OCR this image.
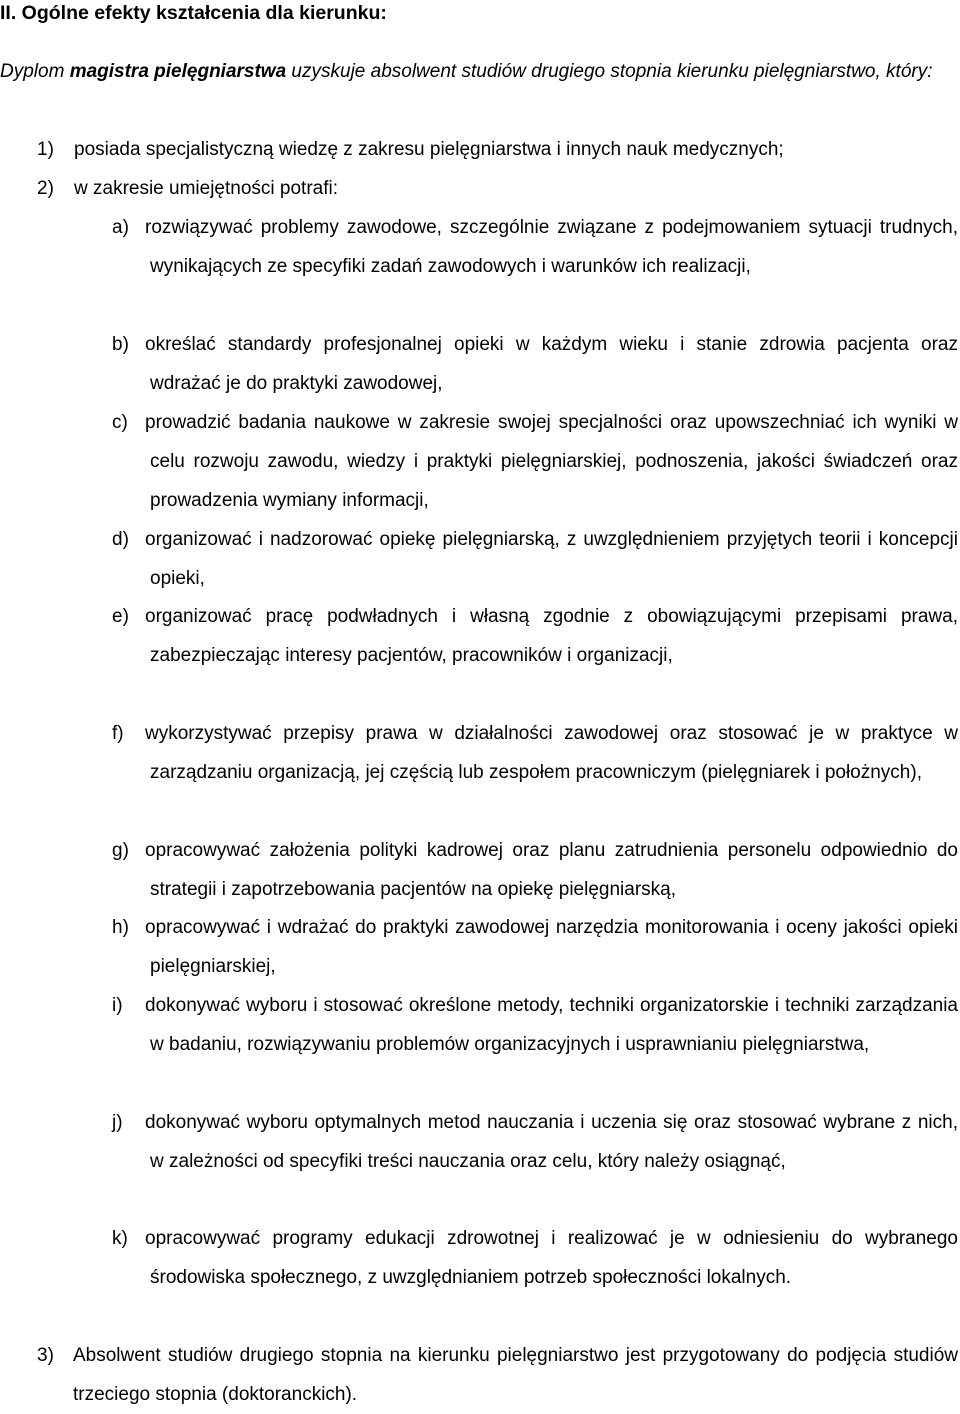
II. Ogólne efekty kształcenia dla kierunku:

Dyplom magistra pielęgniarstwa uzyskuje absolwent studiów drugiego stopnia kierunku pielęgniarstwo, który:

1)	posiada specjalistyczną wiedzę z zakresu pielęgniarstwa i innych nauk medycznych;

2)	w zakresie umiejętności potrafi:

a) rozwiązywać problemy zawodowe, szczególnie związane z podejmowaniem sytuacji trudnych, wynikających ze specyfiki zadań zawodowych i warunków ich realizacji,
b) określać standardy profesjonalnej opieki w każdym wieku i stanie zdrowia pacjenta oraz wdrażać je do praktyki zawodowej,
c) prowadzić badania naukowe w zakresie swojej specjalności oraz upowszechniać ich wyniki w celu rozwoju zawodu, wiedzy i praktyki pielęgniarskiej, podnoszenia, jakości świadczeń oraz prowadzenia wymiany informacji,
d) organizować i nadzorować opiekę pielęgniarską, z uwzględnieniem przyjętych teorii i koncepcji opieki,
e) organizować pracę podwładnych i własną zgodnie z obowiązującymi przepisami prawa, zabezpieczając interesy pacjentów, pracowników i organizacji,
f) wykorzystywać przepisy prawa w działalności zawodowej oraz stosować je w praktyce w zarządzaniu organizacją, jej częścią lub zespołem pracowniczym (pielęgniarek i położnych),
g) opracowywać założenia polityki kadrowej oraz planu zatrudnienia personelu odpowiednio do strategii i zapotrzebowania pacjentów na opiekę pielęgniarską,
h) opracowywać i wdrażać do praktyki zawodowej narzędzia monitorowania i oceny jakości opieki pielęgniarskiej,
i) dokonywać wyboru i stosować określone metody, techniki organizatorskie i techniki zarządzania w badaniu, rozwiązywaniu problemów organizacyjnych i usprawnianiu pielęgniarstwa,
j) dokonywać wyboru optymalnych metod nauczania i uczenia się oraz stosować wybrane z nich, w zależności od specyfiki treści nauczania oraz celu, który należy osiągnąć,
k) opracowywać programy edukacji zdrowotnej i realizować je w odniesieniu do wybranego środowiska społecznego, z uwzględnianiem potrzeb społeczności lokalnych.
3)	Absolwent studiów drugiego stopnia na kierunku pielęgniarstwo jest przygotowany do podjęcia studiów trzeciego stopnia (doktoranckich).
